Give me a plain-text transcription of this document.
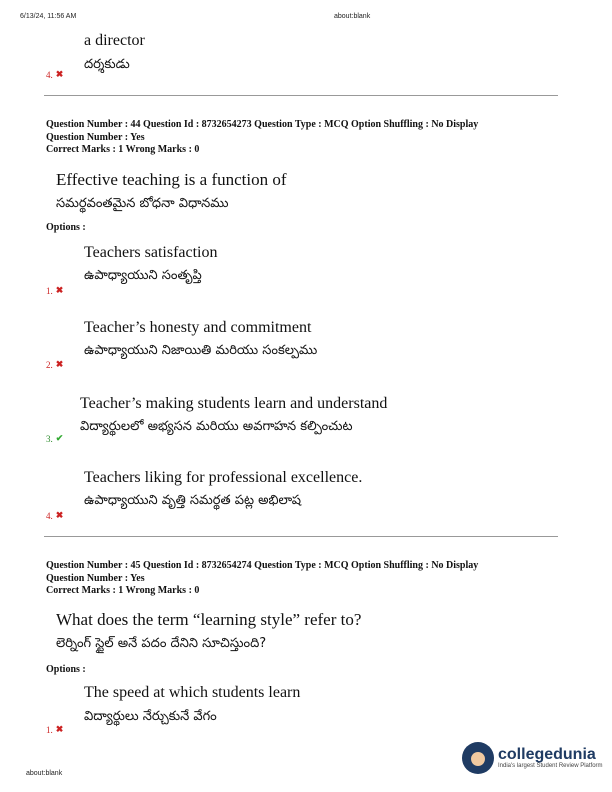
6/13/24, 11:56 AM	about:blank
a director
దర్శకుడు
4. ✖
Question Number : 44 Question Id : 8732654273 Question Type : MCQ Option Shuffling : No Display
Question Number : Yes
Correct Marks : 1 Wrong Marks : 0
Effective teaching is a function of
సమర్థవంతమైన బోధనా విధానము
Options :
Teachers satisfaction
ఉపాధ్యాయుని సంతృప్తి
1. ✖
Teacher’s honesty and commitment
ఉపాధ్యాయుని నిజాయితి మరియు సంకల్పము
2. ✖
Teacher’s making students learn and understand
విద్యార్థులలో అభ్యసన మరియు అవగాహన కల్పించుట
3. ✔
Teachers liking for professional excellence.
ఉపాధ్యాయుని వృత్తి సమర్థత పట్ల అభిలాష
4. ✖
Question Number : 45 Question Id : 8732654274 Question Type : MCQ Option Shuffling : No Display
Question Number : Yes
Correct Marks : 1 Wrong Marks : 0
What does the term “learning style” refer to?
లెర్నింగ్ స్టైల్ అనే పదం దేనిని సూచిస్తుంది?
Options :
The speed at which students learn
విద్యార్థులు నేర్చుకునే వేగం
1. ✖
about:blank
collegedunia
India's largest Student Review Platform
